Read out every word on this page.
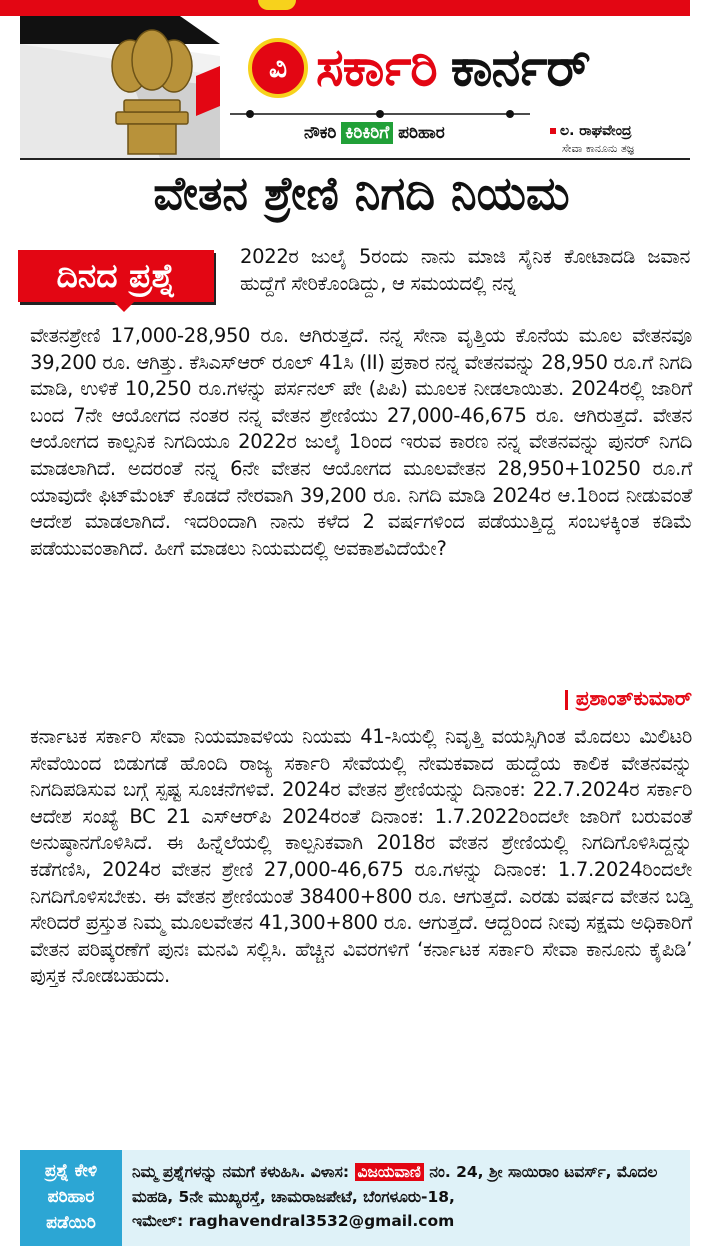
ವಿ ಸರ್ಕಾರಿ ಕಾರ್ನರ್
ನೌಕರಿ ಕಿರಿಕಿರಿಗೆ ಪರಿಹಾರ	ಲ. ರಾಘವೇಂದ್ರ
ಸೇವಾ ಕಾನೂನು ತಜ್ಞ
ವೇತನ ಶ್ರೇಣಿ ನಿಗದಿ ನಿಯಮ
ದಿನದ ಪ್ರಶ್ನೆ	2022ರ ಜುಲೈ 5ರಂದು ನಾನು ಮಾಜಿ ಸೈನಿಕ ಕೋಟಾದಡಿ ಜವಾನ ಹುದ್ದೆಗೆ ಸೇರಿಕೊಂಡಿದ್ದು, ಆ ಸಮಯದಲ್ಲಿ ನನ್ನ
ವೇತನಶ್ರೇಣಿ 17,000-28,950 ರೂ. ಆಗಿರುತ್ತದೆ. ನನ್ನ ಸೇನಾ ವೃತ್ತಿಯ ಕೊನೆಯ ಮೂಲ ವೇತನವೂ 39,200 ರೂ. ಆಗಿತ್ತು. ಕೆಸಿಎಸ್‌ಆರ್ ರೂಲ್ 41ಸಿ (II) ಪ್ರಕಾರ ನನ್ನ ವೇತನವನ್ನು 28,950 ರೂ.ಗೆ ನಿಗದಿ ಮಾಡಿ, ಉಳಿಕೆ 10,250 ರೂ.ಗಳನ್ನು ಪರ್ಸನಲ್ ಪೇ (ಪಿಪಿ) ಮೂಲಕ ನೀಡಲಾಯಿತು. 2024ರಲ್ಲಿ ಜಾರಿಗೆ ಬಂದ 7ನೇ ಆಯೋಗದ ನಂತರ ನನ್ನ ವೇತನ ಶ್ರೇಣಿಯು 27,000-46,675 ರೂ. ಆಗಿರುತ್ತದೆ. ವೇತನ ಆಯೋಗದ ಕಾಲ್ಪನಿಕ ನಿಗದಿಯೂ 2022ರ ಜುಲೈ 1ರಿಂದ ಇರುವ ಕಾರಣ ನನ್ನ ವೇತನವನ್ನು ಪುನರ್ ನಿಗದಿ ಮಾಡಲಾಗಿದೆ. ಅದರಂತೆ ನನ್ನ 6ನೇ ವೇತನ ಆಯೋಗದ ಮೂಲವೇತನ 28,950+10250 ರೂ.ಗೆ ಯಾವುದೇ ಫಿಟ್‌ಮೆಂಟ್ ಕೊಡದೆ ನೇರವಾಗಿ 39,200 ರೂ. ನಿಗದಿ ಮಾಡಿ 2024ರ ಆ.1ರಿಂದ ನೀಡುವಂತೆ ಆದೇಶ ಮಾಡಲಾಗಿದೆ. ಇದರಿಂದಾಗಿ ನಾನು ಕಳೆದ 2 ವರ್ಷಗಳಿಂದ ಪಡೆಯುತ್ತಿದ್ದ ಸಂಬಳಕ್ಕಿಂತ ಕಡಿಮೆ ಪಡೆಯುವಂತಾಗಿದೆ. ಹೀಗೆ ಮಾಡಲು ನಿಯಮದಲ್ಲಿ ಅವಕಾಶವಿದೆಯೇ?
ಪ್ರಶಾಂತ್‌ಕುಮಾರ್
ಕರ್ನಾಟಕ ಸರ್ಕಾರಿ ಸೇವಾ ನಿಯಮಾವಳಿಯ ನಿಯಮ 41-ಸಿಯಲ್ಲಿ ನಿವೃತ್ತಿ ವಯಸ್ಸಿಗಿಂತ ಮೊದಲು ಮಿಲಿಟರಿ ಸೇವೆಯಿಂದ ಬಿಡುಗಡೆ ಹೊಂದಿ ರಾಜ್ಯ ಸರ್ಕಾರಿ ಸೇವೆಯಲ್ಲಿ ನೇಮಕವಾದ ಹುದ್ದೆಯ ಕಾಲಿಕ ವೇತನವನ್ನು ನಿಗದಿಪಡಿಸುವ ಬಗ್ಗೆ ಸ್ಪಷ್ಟ ಸೂಚನೆಗಳಿವೆ. 2024ರ ವೇತನ ಶ್ರೇಣಿಯನ್ನು ದಿನಾಂಕ: 22.7.2024ರ ಸರ್ಕಾರಿ ಆದೇಶ ಸಂಖ್ಯೆ BC 21 ಎಸ್‌ಆರ್‌ಪಿ 2024ರಂತೆ ದಿನಾಂಕ: 1.7.2022ರಿಂದಲೇ ಜಾರಿಗೆ ಬರುವಂತೆ ಅನುಷ್ಠಾನಗೊಳಿಸಿದೆ. ಈ ಹಿನ್ನೆಲೆಯಲ್ಲಿ ಕಾಲ್ಪನಿಕವಾಗಿ 2018ರ ವೇತನ ಶ್ರೇಣಿಯಲ್ಲಿ ನಿಗದಿಗೊಳಿಸಿದ್ದನ್ನು ಕಡೆಗಣಿಸಿ, 2024ರ ವೇತನ ಶ್ರೇಣಿ 27,000-46,675 ರೂ.ಗಳನ್ನು ದಿನಾಂಕ: 1.7.2024ರಿಂದಲೇ ನಿಗದಿಗೊಳಿಸಬೇಕು. ಈ ವೇತನ ಶ್ರೇಣಿಯಂತೆ 38400+800 ರೂ. ಆಗುತ್ತದೆ. ಎರಡು ವರ್ಷದ ವೇತನ ಬಡ್ತಿ ಸೇರಿದರೆ ಪ್ರಸ್ತುತ ನಿಮ್ಮ ಮೂಲವೇತನ 41,300+800 ರೂ. ಆಗುತ್ತದೆ. ಆದ್ದರಿಂದ ನೀವು ಸಕ್ಷಮ ಅಧಿಕಾರಿಗೆ ವೇತನ ಪರಿಷ್ಕರಣೆಗೆ ಪುನಃ ಮನವಿ ಸಲ್ಲಿಸಿ. ಹೆಚ್ಚಿನ ವಿವರಗಳಿಗೆ ‘ಕರ್ನಾಟಕ ಸರ್ಕಾರಿ ಸೇವಾ ಕಾನೂನು ಕೈಪಿಡಿ’ ಪುಸ್ತಕ ನೋಡಬಹುದು.
ಪ್ರಶ್ನೆ ಕೇಳಿ
ಪರಿಹಾರ
ಪಡೆಯಿರಿ
ನಿಮ್ಮ ಪ್ರಶ್ನೆಗಳನ್ನು ನಮಗೆ ಕಳುಹಿಸಿ. ವಿಳಾಸ: ವಿಜಯವಾಣಿ ನಂ. 24, ಶ್ರೀ ಸಾಯಿರಾಂ ಟವರ್ಸ್, ಮೊದಲ ಮಹಡಿ, 5ನೇ ಮುಖ್ಯರಸ್ತೆ, ಚಾಮರಾಜಪೇಟೆ, ಬೆಂಗಳೂರು-18,
ಇಮೇಲ್: raghavendral3532@gmail.com
